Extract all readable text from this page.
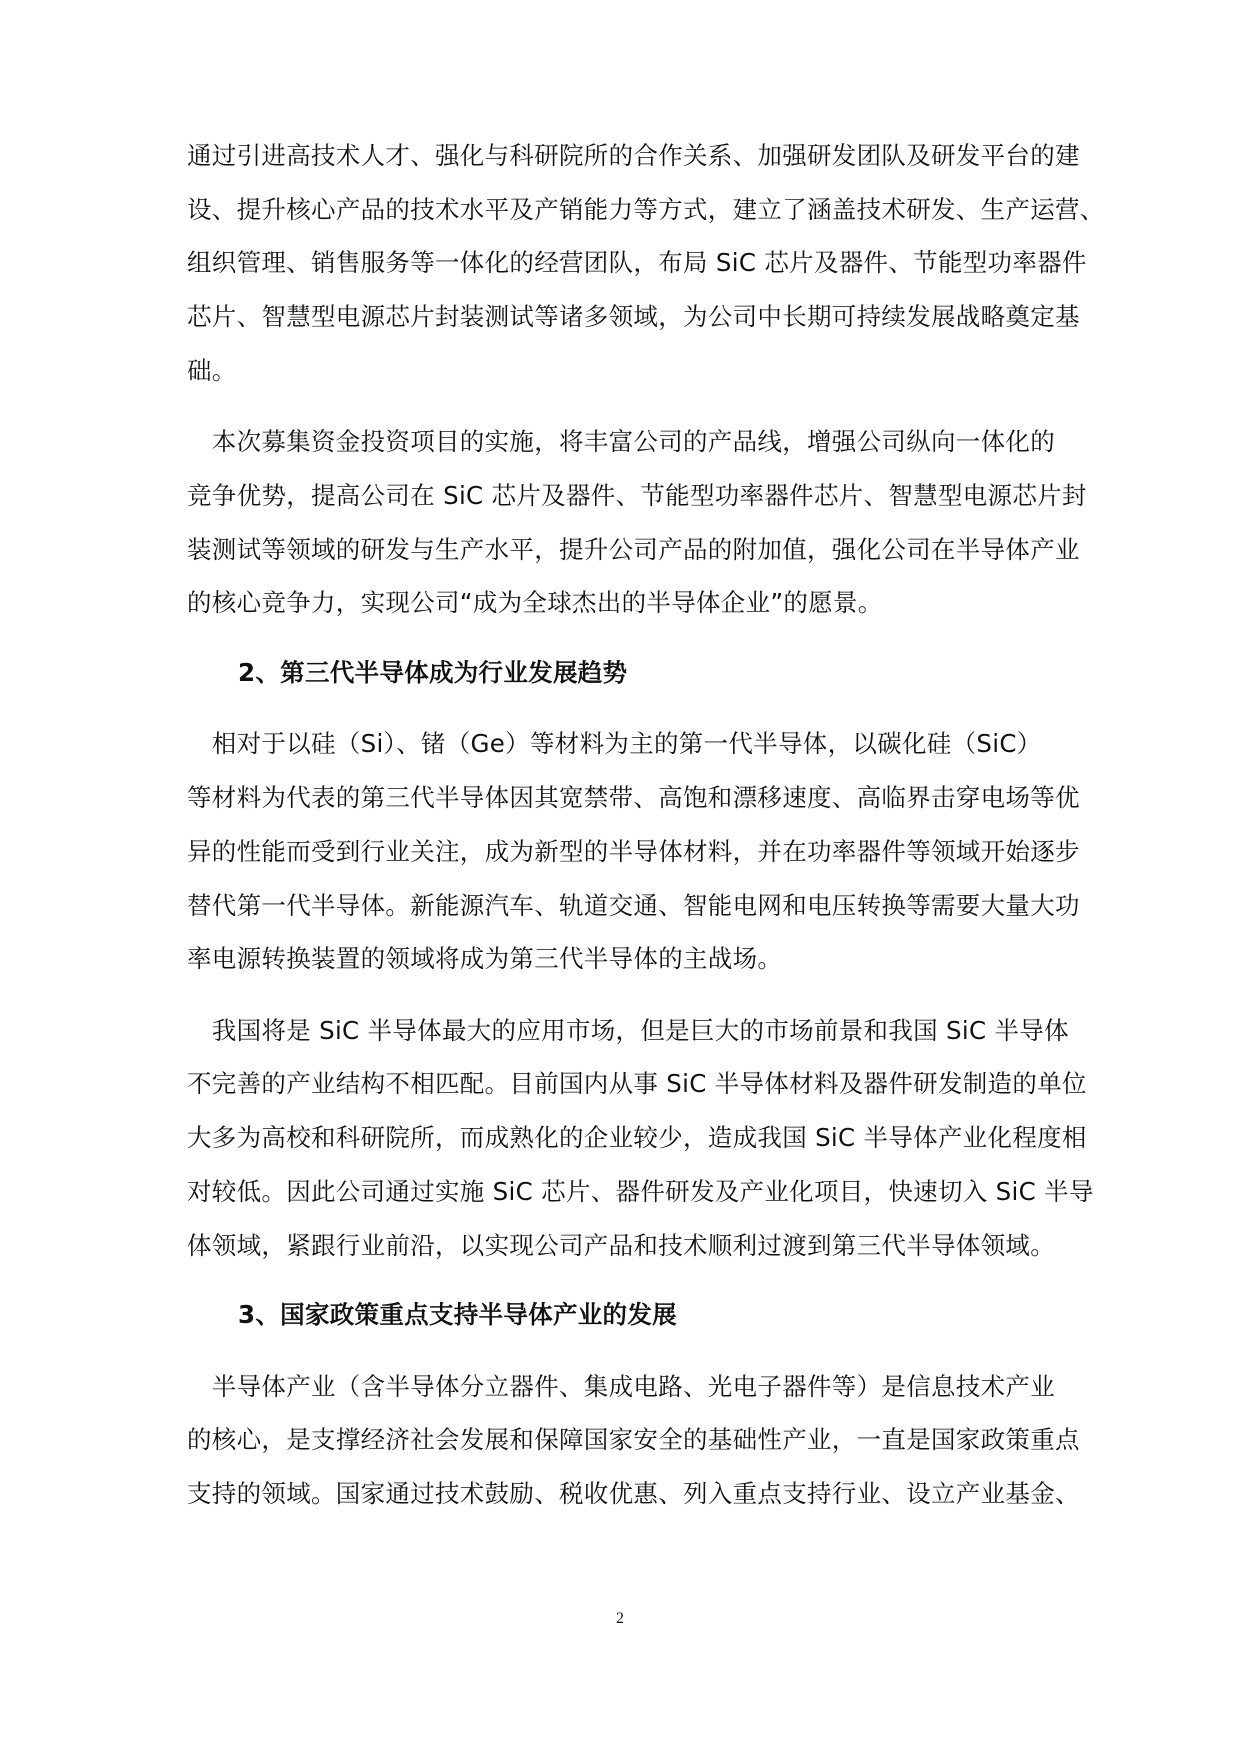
通过引进高技术人才、强化与科研院所的合作关系、加强研发团队及研发平台的建
设、提升核心产品的技术水平及产销能力等方式，建立了涵盖技术研发、生产运营、
组织管理、销售服务等一体化的经营团队，布局 SiC 芯片及器件、节能型功率器件
芯片、智慧型电源芯片封装测试等诸多领域，为公司中长期可持续发展战略奠定基
础。
　本次募集资金投资项目的实施，将丰富公司的产品线，增强公司纵向一体化的
竞争优势，提高公司在 SiC 芯片及器件、节能型功率器件芯片、智慧型电源芯片封
装测试等领域的研发与生产水平，提升公司产品的附加值，强化公司在半导体产业
的核心竞争力，实现公司“成为全球杰出的半导体企业”的愿景。
2、第三代半导体成为行业发展趋势
　相对于以硅（Si）、锗（Ge）等材料为主的第一代半导体，以碳化硅（SiC）
等材料为代表的第三代半导体因其宽禁带、高饱和漂移速度、高临界击穿电场等优
异的性能而受到行业关注，成为新型的半导体材料，并在功率器件等领域开始逐步
替代第一代半导体。新能源汽车、轨道交通、智能电网和电压转换等需要大量大功
率电源转换装置的领域将成为第三代半导体的主战场。
　我国将是 SiC 半导体最大的应用市场，但是巨大的市场前景和我国 SiC 半导体
不完善的产业结构不相匹配。目前国内从事 SiC 半导体材料及器件研发制造的单位
大多为高校和科研院所，而成熟化的企业较少，造成我国 SiC 半导体产业化程度相
对较低。因此公司通过实施 SiC 芯片、器件研发及产业化项目，快速切入 SiC 半导
体领域，紧跟行业前沿，以实现公司产品和技术顺利过渡到第三代半导体领域。
3、国家政策重点支持半导体产业的发展
　半导体产业（含半导体分立器件、集成电路、光电子器件等）是信息技术产业
的核心，是支撑经济社会发展和保障国家安全的基础性产业，一直是国家政策重点
支持的领域。国家通过技术鼓励、税收优惠、列入重点支持行业、设立产业基金、
2
